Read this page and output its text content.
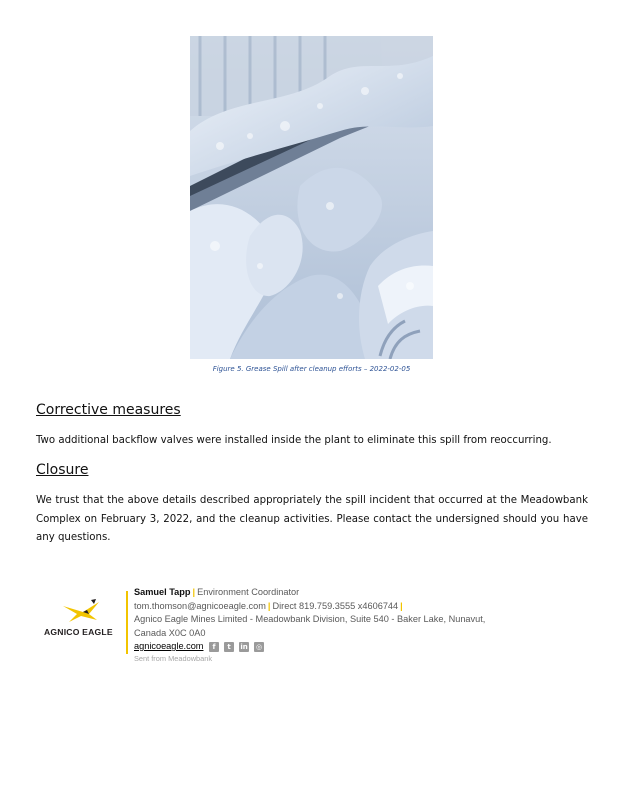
Figure 5. Grease Spill after cleanup efforts – 2022-02-05
Corrective measures
Two additional backflow valves were installed inside the plant to eliminate this spill from reoccurring.
Closure
We trust that the above details described appropriately the spill incident that occurred at the Meadowbank Complex on February 3, 2022, and the cleanup activities. Please contact the undersigned should you have any questions.
AGNICO EAGLE
Samuel Tapp | Environment Coordinator
tom.thomson@agnicoeagle.com | Direct 819.759.3555 x4606744 |
Agnico Eagle Mines Limited - Meadowbank Division, Suite 540 - Baker Lake, Nunavut,
Canada X0C 0A0
agnicoeagle.com f t in ◎
Sent from Meadowbank
